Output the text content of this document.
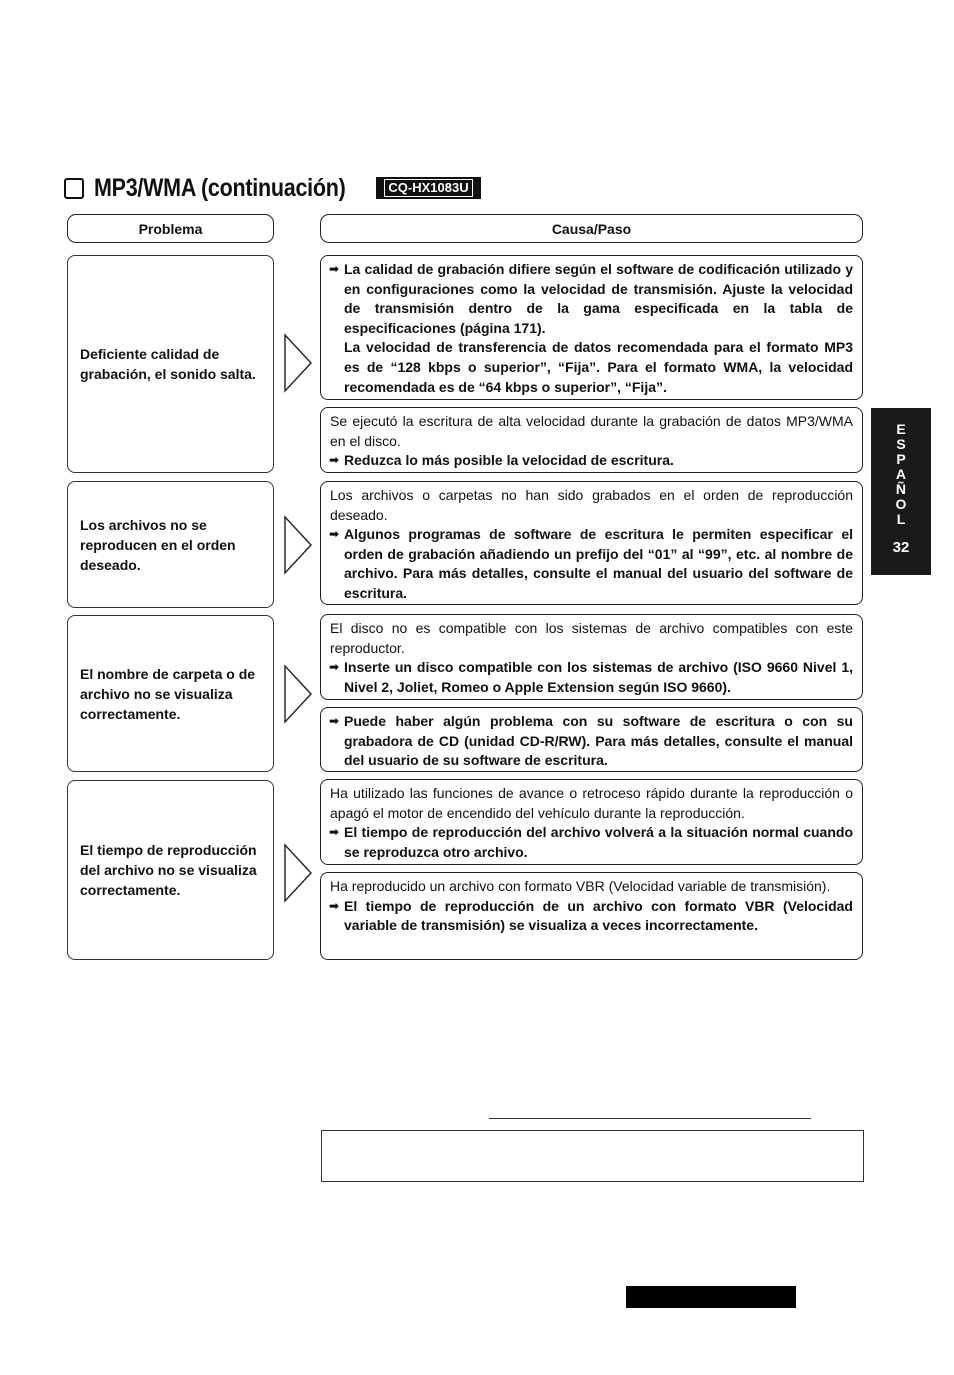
MP3/WMA (continuación)	CQ-HX1083U
Problema	Causa/Paso
Deficiente calidad de grabación, el sonido salta.
➡ La calidad de grabación difiere según el software de codificación utilizado y en configuraciones como la velocidad de transmisión. Ajuste la velocidad de transmisión dentro de la gama especificada en la tabla de especificaciones (página 171).
La velocidad de transferencia de datos recomendada para el formato MP3 es de “128 kbps o superior”, “Fija”. Para el formato WMA, la velocidad recomendada es de “64 kbps o superior”, “Fija”.
Se ejecutó la escritura de alta velocidad durante la grabación de datos MP3/WMA en el disco.
➡ Reduzca lo más posible la velocidad de escritura.
Los archivos no se reproducen en el orden deseado.
Los archivos o carpetas no han sido grabados en el orden de reproducción deseado.
➡ Algunos programas de software de escritura le permiten especificar el orden de grabación añadiendo un prefijo del “01” al “99”, etc. al nombre de archivo. Para más detalles, consulte el manual del usuario del software de escritura.
El nombre de carpeta o de archivo no se visualiza correctamente.
El disco no es compatible con los sistemas de archivo compatibles con este reproductor.
➡ Inserte un disco compatible con los sistemas de archivo (ISO 9660 Nivel 1, Nivel 2, Joliet, Romeo o Apple Extension según ISO 9660).
➡ Puede haber algún problema con su software de escritura o con su grabadora de CD (unidad CD-R/RW). Para más detalles, consulte el manual del usuario de su software de escritura.
El tiempo de reproducción del archivo no se visualiza correctamente.
Ha utilizado las funciones de avance o retroceso rápido durante la reproducción o apagó el motor de encendido del vehículo durante la reproducción.
➡ El tiempo de reproducción del archivo volverá a la situación normal cuando se reproduzca otro archivo.
Ha reproducido un archivo con formato VBR (Velocidad variable de transmisión).
➡ El tiempo de reproducción de un archivo con formato VBR (Velocidad variable de transmisión) se visualiza a veces incorrectamente.
E
S
P
A
Ñ
O
L
32
